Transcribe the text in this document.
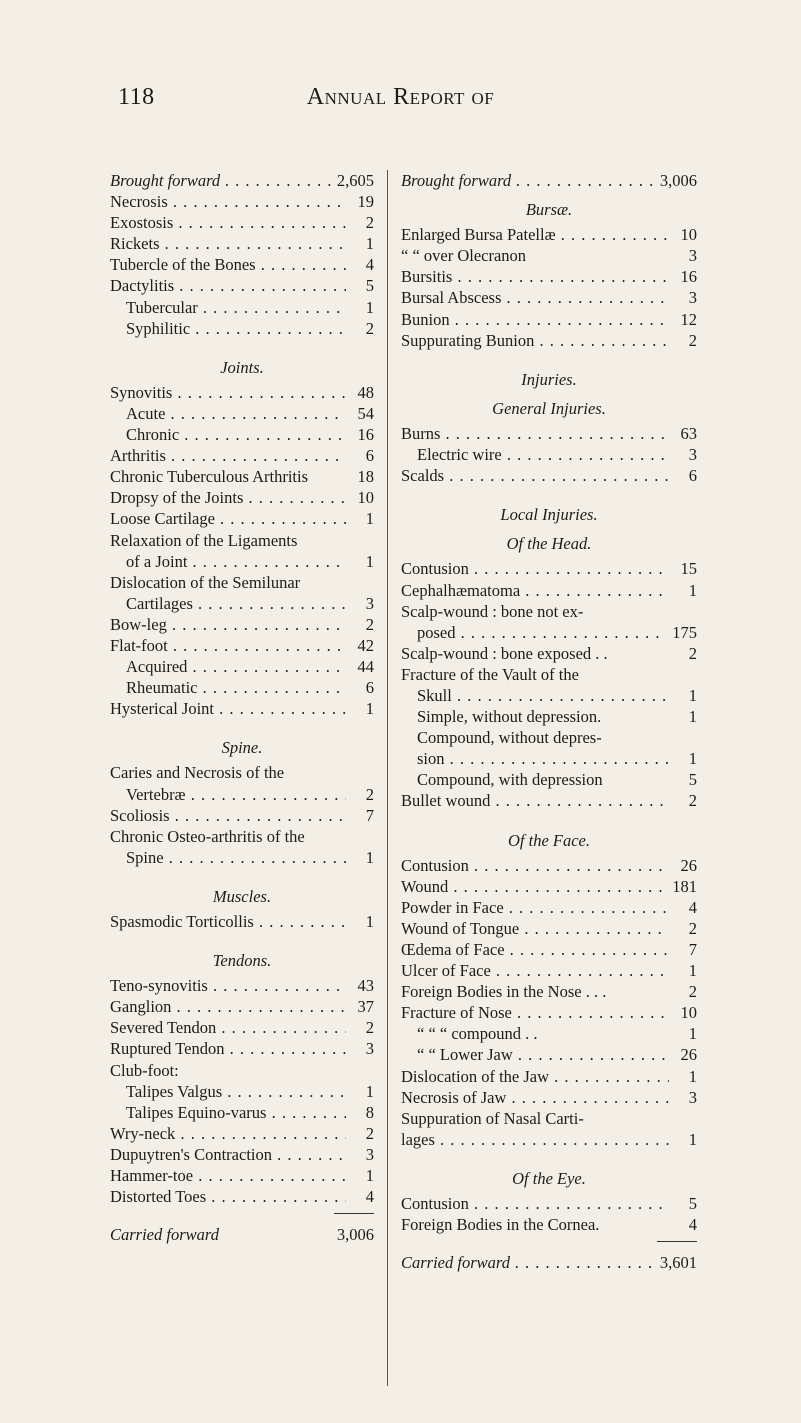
118	Annual Report of
Brought forward . . .	2,605
Necrosis . . .	19
Exostosis . . .	2
Rickets . . .	1
Tubercle of the Bones . . .	4
Dactylitis . . .	5
Tubercular . . .	1
Syphilitic . . .	2
Joints.
Synovitis . . .	48
Acute . . .	54
Chronic . . .	16
Arthritis . . .	6
Chronic Tuberculous Arthritis	18
Dropsy of the Joints . . .	10
Loose Cartilage . . .	1
Relaxation of the Ligaments
of a Joint . . .	1
Dislocation of the Semilunar
Cartilages . . .	3
Bow-leg . . .	2
Flat-foot . . .	42
Acquired . . .	44
Rheumatic . . .	6
Hysterical Joint . . .	1
Spine.
Caries and Necrosis of the
Vertebræ . . .	2
Scoliosis . . .	7
Chronic Osteo-arthritis of the
Spine . . .	1
Muscles.
Spasmodic Torticollis . . .	1
Tendons.
Teno-synovitis . . .	43
Ganglion . . .	37
Severed Tendon . . .	2
Ruptured Tendon . . .	3
Club-foot:
Talipes Valgus . . .	1
Talipes Equino-varus . . .	8
Wry-neck . . .	2
Dupuytren's Contraction . . .	3
Hammer-toe . . .	1
Distorted Toes . . .	4
Carried forward	3,006
Brought forward . . .	3,006
Bursæ.
Enlarged Bursa Patellæ . . .	10
“ “ over Olecranon	3
Bursitis . . .	16
Bursal Abscess . . .	3
Bunion . . .	12
Suppurating Bunion . . .	2
Injuries.
General Injuries.
Burns . . .	63
Electric wire . . .	3
Scalds . . .	6
Local Injuries.
Of the Head.
Contusion . . .	15
Cephalhæmatoma . . .	1
Scalp-wound : bone not ex-
posed . . .	175
Scalp-wound : bone exposed . .	2
Fracture of the Vault of the
Skull . . .	1
Simple, without depression.	1
Compound, without depres-
sion . . .	1
Compound, with depression	5
Bullet wound . . .	2
Of the Face.
Contusion . . .	26
Wound . . .	181
Powder in Face . . .	4
Wound of Tongue . . .	2
Œdema of Face . . .	7
Ulcer of Face . . .	1
Foreign Bodies in the Nose . . .	2
Fracture of Nose . . .	10
“ “ “ compound . .	1
“ “ Lower Jaw . . .	26
Dislocation of the Jaw . . .	1
Necrosis of Jaw . . .	3
Suppuration of Nasal Carti-
lages . . .	1
Of the Eye.
Contusion . . .	5
Foreign Bodies in the Cornea.	4
Carried forward . . .	3,601
